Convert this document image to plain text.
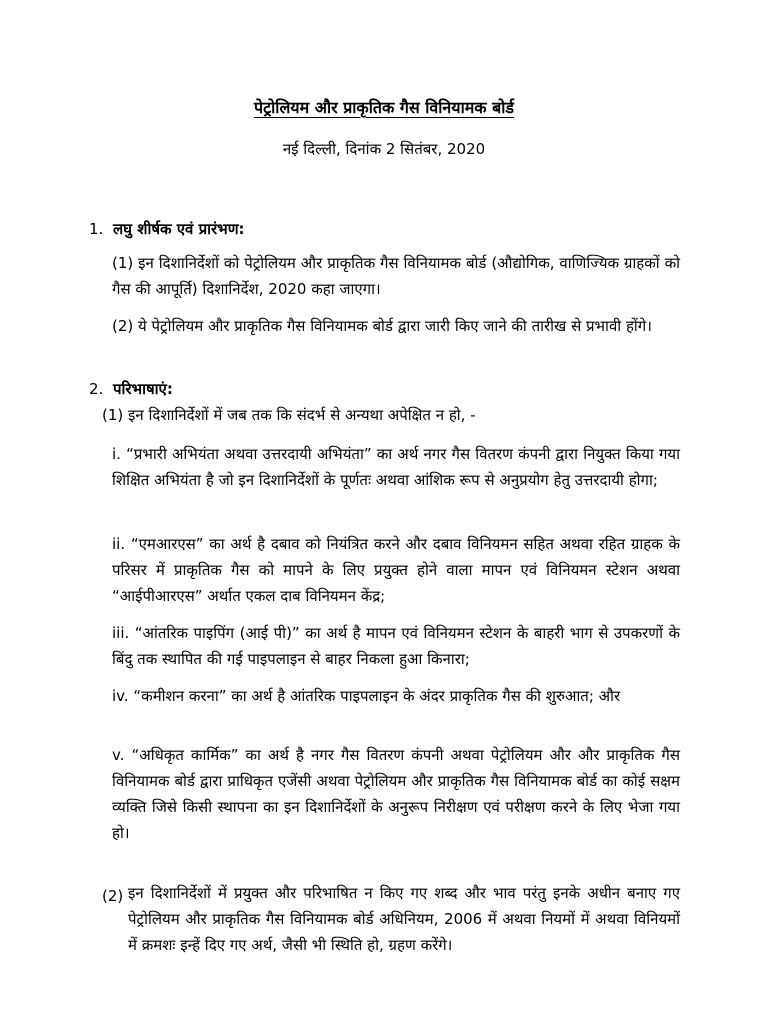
पेट्रोलियम और प्राकृतिक गैस विनियामक बोर्ड
नई दिल्ली, दिनांक 2 सितंबर, 2020
1. लघु शीर्षक एवं प्रारंभण:
(1) इन दिशानिर्देशों को पेट्रोलियम और प्राकृतिक गैस विनियामक बोर्ड (औद्योगिक, वाणिज्यिक ग्राहकों को गैस की आपूर्ति) दिशानिर्देश, 2020 कहा जाएगा।
(2) ये पेट्रोलियम और प्राकृतिक गैस विनियामक बोर्ड द्वारा जारी किए जाने की तारीख से प्रभावी होंगे।
2. परिभाषाएं:
(1) इन दिशानिर्देशों में जब तक कि संदर्भ से अन्यथा अपेक्षित न हो, -
i. “प्रभारी अभियंता अथवा उत्तरदायी अभियंता” का अर्थ नगर गैस वितरण कंपनी द्वारा नियुक्त किया गया शिक्षित अभियंता है जो इन दिशानिर्देशों के पूर्णतः अथवा आंशिक रूप से अनुप्रयोग हेतु उत्तरदायी होगा;
ii. “एमआरएस” का अर्थ है दबाव को नियंत्रित करने और दबाव विनियमन सहित अथवा रहित ग्राहक के परिसर में प्राकृतिक गैस को मापने के लिए प्रयुक्त होने वाला मापन एवं विनियमन स्टेशन अथवा “आईपीआरएस” अर्थात एकल दाब विनियमन केंद्र;
iii. “आंतरिक पाइपिंग (आई पी)” का अर्थ है मापन एवं विनियमन स्टेशन के बाहरी भाग से उपकरणों के बिंदु तक स्थापित की गई पाइपलाइन से बाहर निकला हुआ किनारा;
iv. “कमीशन करना” का अर्थ है आंतरिक पाइपलाइन के अंदर प्राकृतिक गैस की शुरुआत; और
v. “अधिकृत कार्मिक” का अर्थ है नगर गैस वितरण कंपनी अथवा पेट्रोलियम और और प्राकृतिक गैस विनियामक बोर्ड द्वारा प्राधिकृत एजेंसी अथवा पेट्रोलियम और प्राकृतिक गैस विनियामक बोर्ड का कोई सक्षम व्यक्ति जिसे किसी स्थापना का इन दिशानिर्देशों के अनुरूप निरीक्षण एवं परीक्षण करने के लिए भेजा गया हो।
(2) इन दिशानिर्देशों में प्रयुक्त और परिभाषित न किए गए शब्द और भाव परंतु इनके अधीन बनाए गए पेट्रोलियम और प्राकृतिक गैस विनियामक बोर्ड अधिनियम, 2006 में अथवा नियमों में अथवा विनियमों में क्रमशः इन्हें दिए गए अर्थ, जैसी भी स्थिति हो, ग्रहण करेंगे।
